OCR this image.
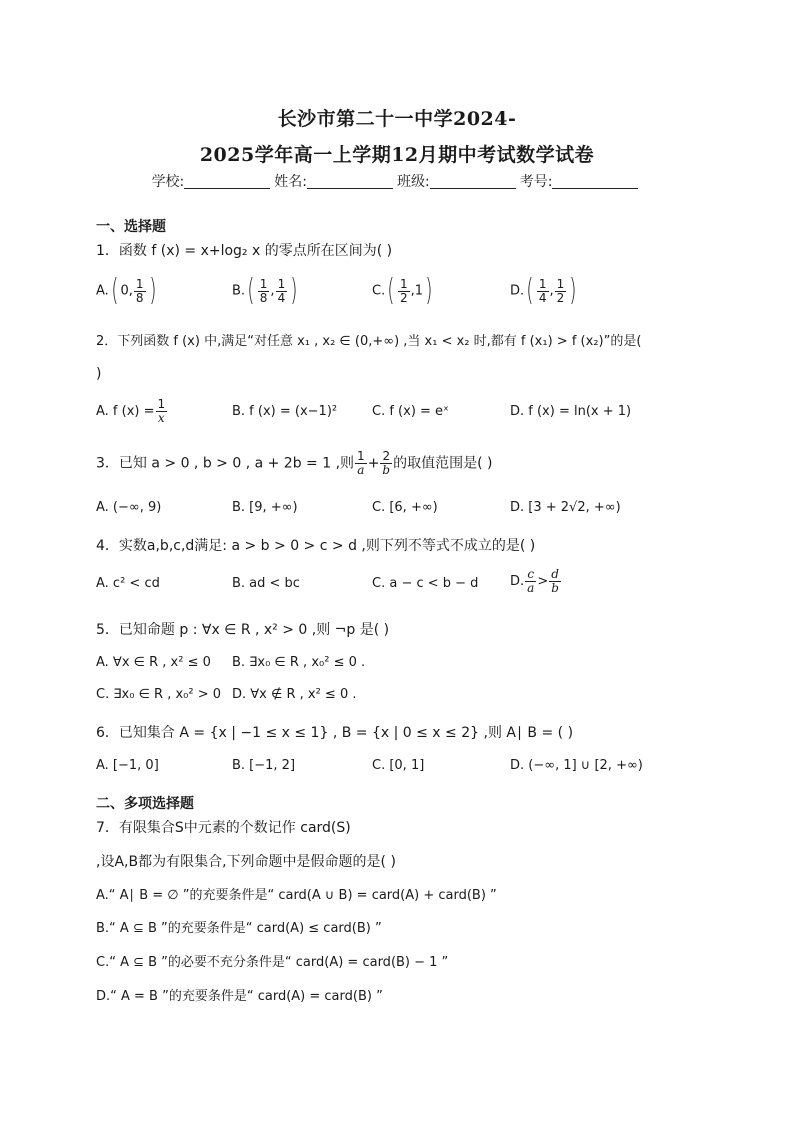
长沙市第二十一中学2024-
2025学年高一上学期12月期中考试数学试卷
学校:	姓名:	班级:	考号:
一、选择题
1．函数 f (x) = x+log₂ x 的零点所在区间为( )
A.( 0, $\frac{1}{8}$ )	$B.( \frac{1}{8}$ , $\frac{1}{4}$ )	$C.( \frac{1}{2} ,1)$	$D.( \frac{1}{4}$ , $\frac{1}{2}$ )
2．下列函数 f (x) 中,满足“对任意 x₁ , x₂ ∈ (0,+∞) ,当 x₁ < x₂ 时,都有 f (x₁) > f (x₂)”的是(
)
A. f $(x) = \frac{1}{x}$	B. f (x) = (x−1)²	C. f (x) = eˣ	D. f (x) = ln(x + 1)
3．已知 a > 0 , b > 0 , a + 2b = 1 ,则 $\frac{1}{a} + \frac{2}{b}$ 的取值范围是( )
A. (−∞, 9)	B. [9, +∞)	C. [6, +∞)	D. [3 + 2√2, +∞)
4．实数a,b,c,d满足: a > b > 0 > c > d ,则下列不等式不成立的是( )
A. c² < cd	B. ad < bc	C. a − c < b − d D. $\frac{c}{a} > \frac{d}{b}$
5．已知命题 p : ∀x ∈ R , x² > 0 ,则 ¬p 是( )
A. ∀x ∈ R , x² ≤ 0 B. ∃x₀ ∈ R , x₀² ≤ 0 .
C. ∃x₀ ∈ R , x₀² > 0 D. ∀x ∉ R , x² ≤ 0 .
6．已知集合 A = {x | −1 ≤ x ≤ 1} , B = {x | 0 ≤ x ≤ 2} ,则 A∣ B = ( )
A. [−1, 0]	B. [−1, 2]	C. [0, 1]	D. (−∞, 1] ∪ [2, +∞)
二、多项选择题
7．有限集合S中元素的个数记作 card(S)
,设A,B都为有限集合,下列命题中是假命题的是( )
A.“ A∣ B = ∅ ”的充要条件是“ card(A ∪ B) = card(A) + card(B) ”
B.“ A ⊆ B ”的充要条件是“ card(A) ≤ card(B) ”
C.“ A ⊆ B ”的必要不充分条件是“ card(A) = card(B) − 1 ”
D.“ A = B ”的充要条件是“ card(A) = card(B) ”
